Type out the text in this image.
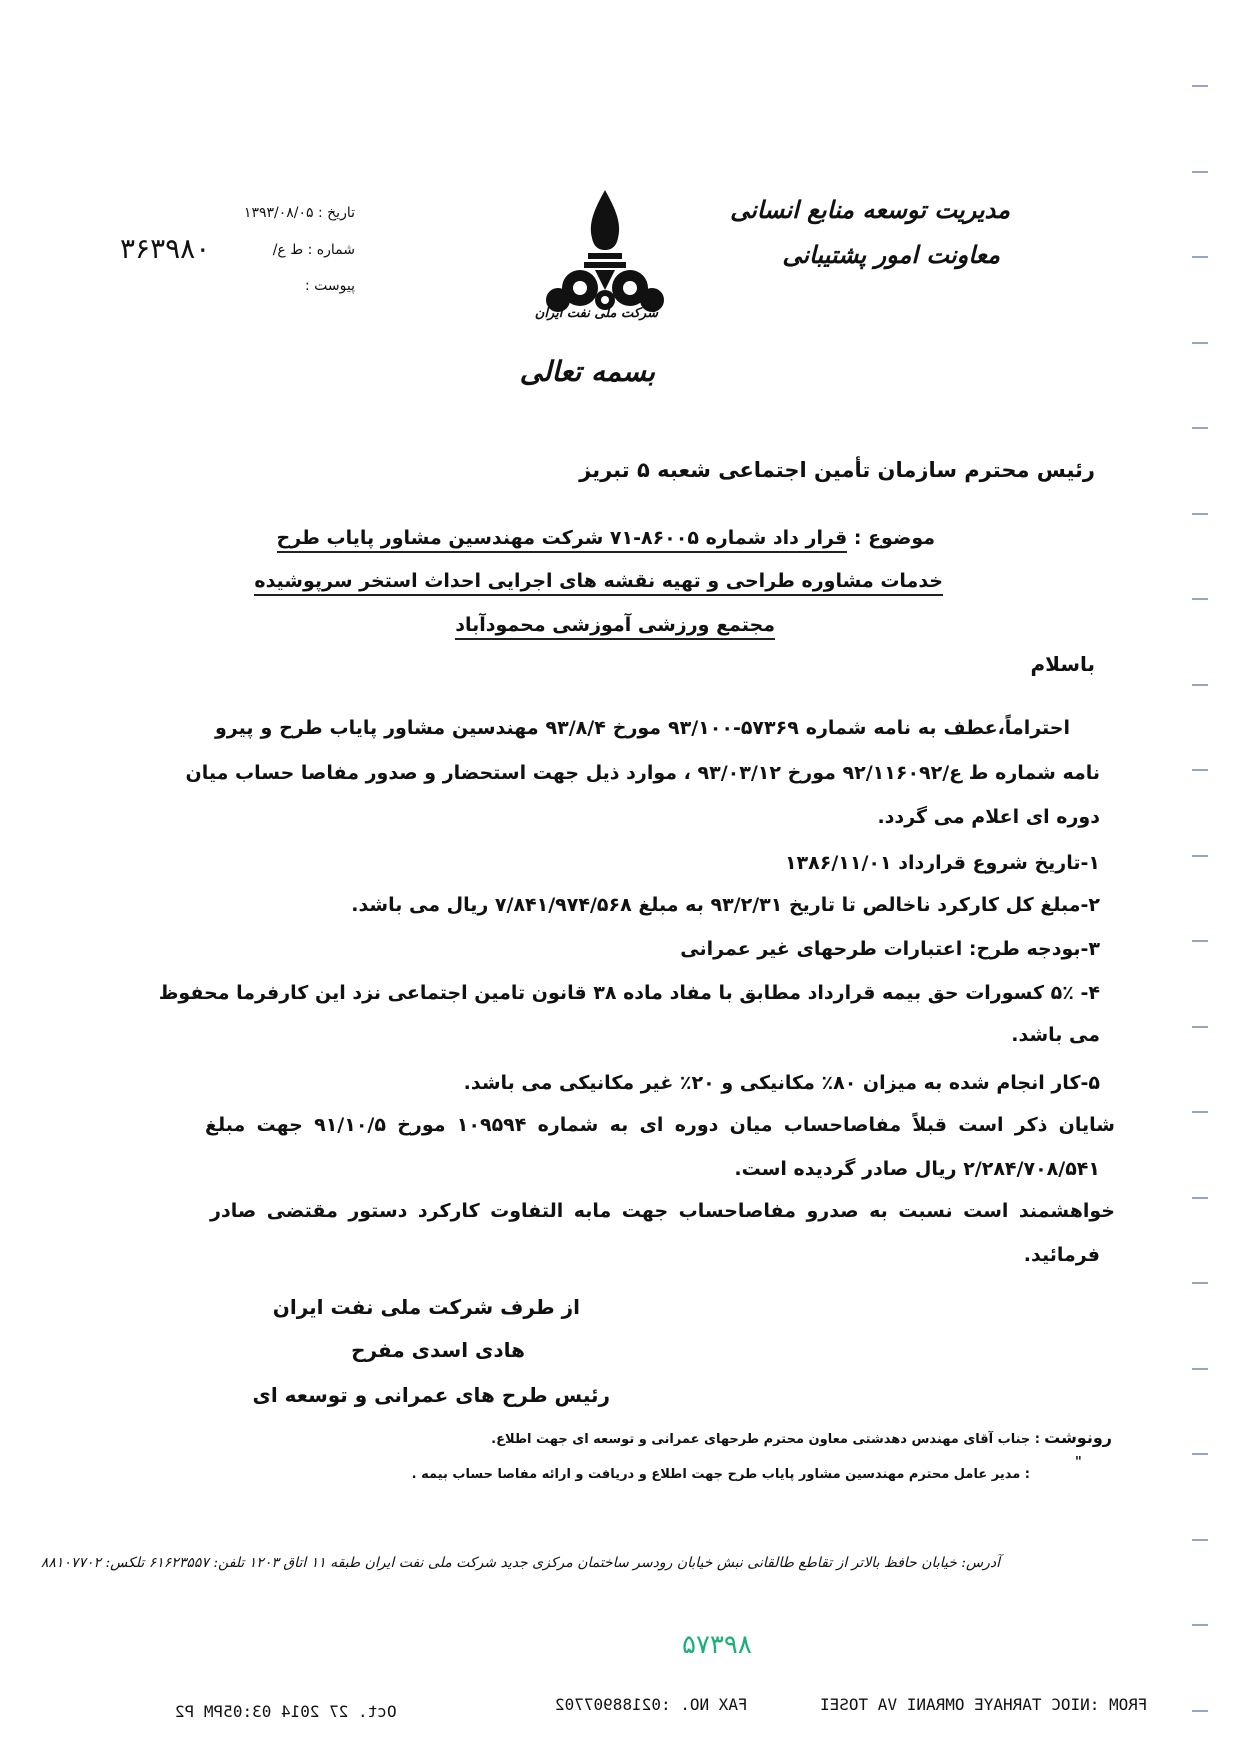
مدیریت توسعه منابع انسانی
معاونت امور پشتیبانی
شرکت ملی نفت ایران
بسمه تعالی
تاریخ : ۱۳۹۳/۰۸/۰۵
شماره : ط ع/
۳۶۳۹۸۰
پیوست :
رئیس محترم سازمان تأمین اجتماعی شعبه ۵ تبریز
موضوع : قرار داد شماره ۸۶۰۰۵-۷۱ شرکت مهندسین مشاور پایاب طرح
خدمات مشاوره طراحی و تهیه نقشه های اجرایی احداث استخر سرپوشیده
مجتمع ورزشی آموزشی محمودآباد
باسلام
احتراماً،عطف به نامه شماره ۵۷۳۶۹-۹۳/۱۰۰ مورخ ۹۳/۸/۴ مهندسین مشاور پایاب طرح و پیرو
نامه شماره ط ع/۹۲/۱۱۶۰۹۲ مورخ ۹۳/۰۳/۱۲ ، موارد ذیل جهت استحضار و صدور مفاصا حساب میان
دوره ای اعلام می گردد.
۱-تاریخ شروع قرارداد ۱۳۸۶/۱۱/۰۱
۲-مبلغ کل کارکرد ناخالص تا تاریخ ۹۳/۲/۳۱ به مبلغ ۷/۸۴۱/۹۷۴/۵۶۸ ریال می باشد.
۳-بودجه طرح: اعتبارات طرحهای غیر عمرانی
۴- ۵٪ کسورات حق بیمه قرارداد مطابق با مفاد ماده ۳۸ قانون تامین اجتماعی نزد این کارفرما محفوظ
می باشد.
۵-کار انجام شده به میزان ۸۰٪ مکانیکی و ۲۰٪ غیر مکانیکی می باشد.
شایان ذکر است قبلاً مفاصاحساب میان دوره ای به شماره ۱۰۹۵۹۴ مورخ ۹۱/۱۰/۵ جهت مبلغ
۲/۲۸۴/۷۰۸/۵۴۱ ریال صادر گردیده است.
خواهشمند است نسبت به صدرو مفاصاحساب جهت مابه التفاوت کارکرد دستور مقتضی صادر
فرمائید.
از طرف شرکت ملی نفت ایران
هادی اسدی مفرح
رئیس طرح های عمرانی و توسعه ای
رونوشت
: جناب آقای مهندس دهدشتی معاون محترم طرحهای عمرانی و توسعه ای جهت اطلاع.
"
: مدیر عامل محترم مهندسین مشاور پایاب طرح جهت اطلاع و دریافت و ارائه مفاصا حساب بیمه .
آدرس: خیابان حافظ بالاتر از تقاطع طالقانی نبش خیابان رودسر ساختمان مرکزی جدید شرکت ملی نفت ایران طبقه ۱۱ اتاق ۱۲۰۳ تلفن: ۶۱۶۲۳۵۵۷ تلکس: ۸۸۱۰۷۷۰۲
۵۷۳۹۸
FROM :NIOC TARHAYE OMRANI VA TOSEI
FAX NO. :02188907702
Oct. 27 2014 03:05PM P2
